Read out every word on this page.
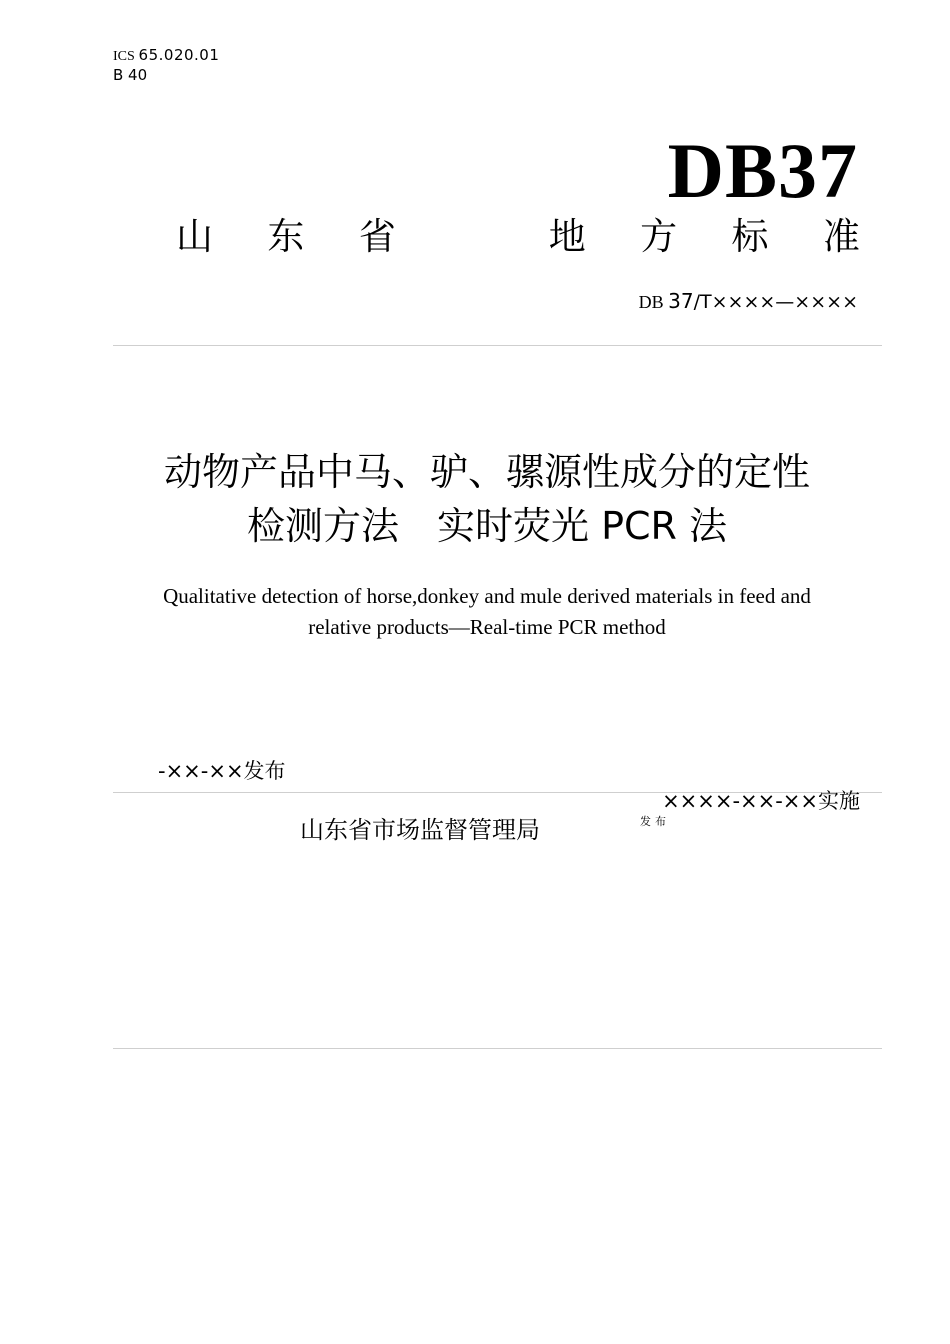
ICS 65.020.01
B 40
DB37
山 东 省	地 方 标 准
DB 37/T××××—××××
动物产品中马、驴、骡源性成分的定性
检测方法　实时荧光 PCR 法
Qualitative detection of horse,donkey and mule derived materials in feed and
relative products—Real-time PCR method
-××-××发布
××××-××-××实施
山东省市场监督管理局	发布
